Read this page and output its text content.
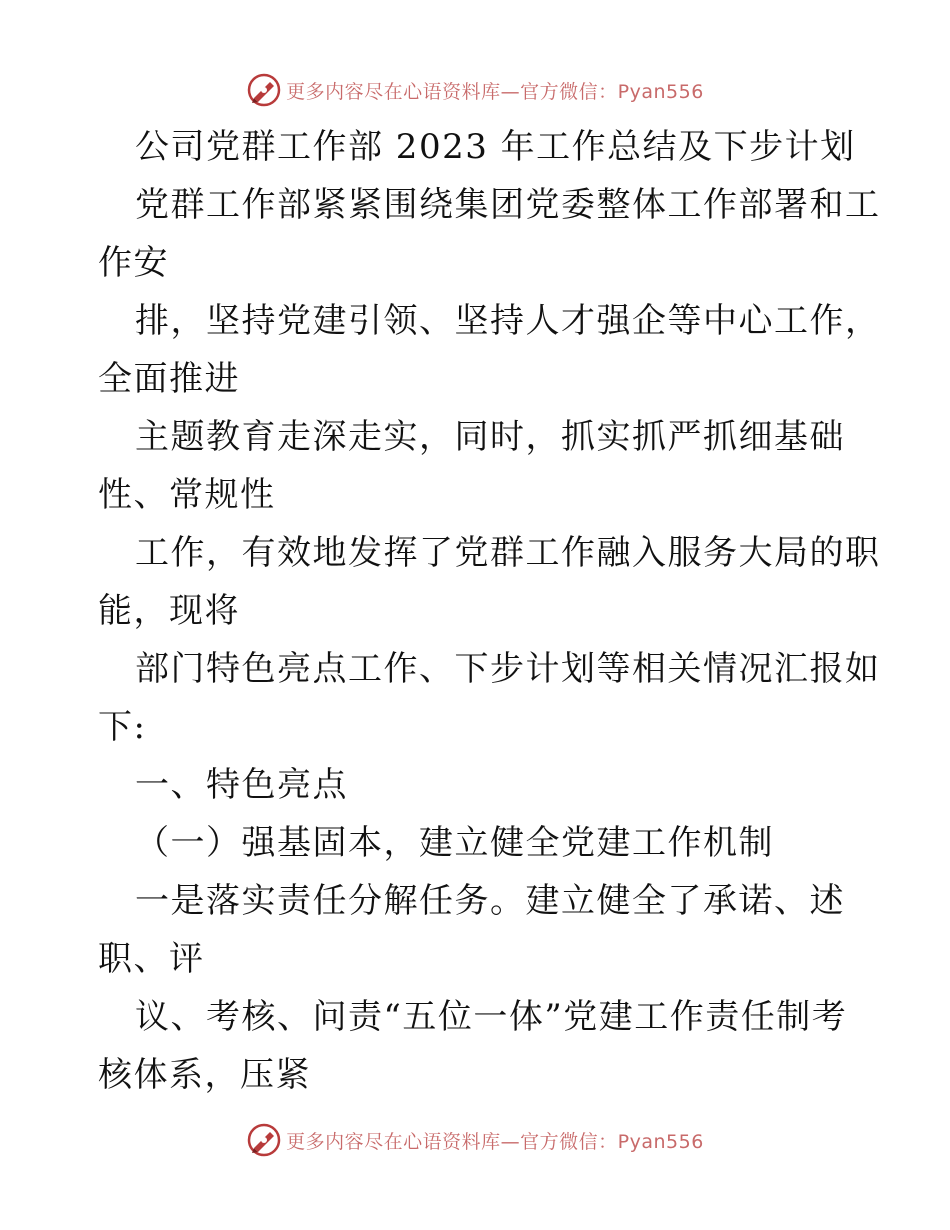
更多内容尽在心语资料库—官方微信：Pyan556
公司党群工作部 2023 年工作总结及下步计划
党群工作部紧紧围绕集团党委整体工作部署和工
作安
排，坚持党建引领、坚持人才强企等中心工作，
全面推进
主题教育走深走实，同时，抓实抓严抓细基础
性、常规性
工作，有效地发挥了党群工作融入服务大局的职
能，现将
部门特色亮点工作、下步计划等相关情况汇报如
下:
一、特色亮点
（一）强基固本，建立健全党建工作机制
一是落实责任分解任务。建立健全了承诺、述
职、评
议、考核、问责“五位一体”党建工作责任制考
核体系，压紧
更多内容尽在心语资料库—官方微信：Pyan556
